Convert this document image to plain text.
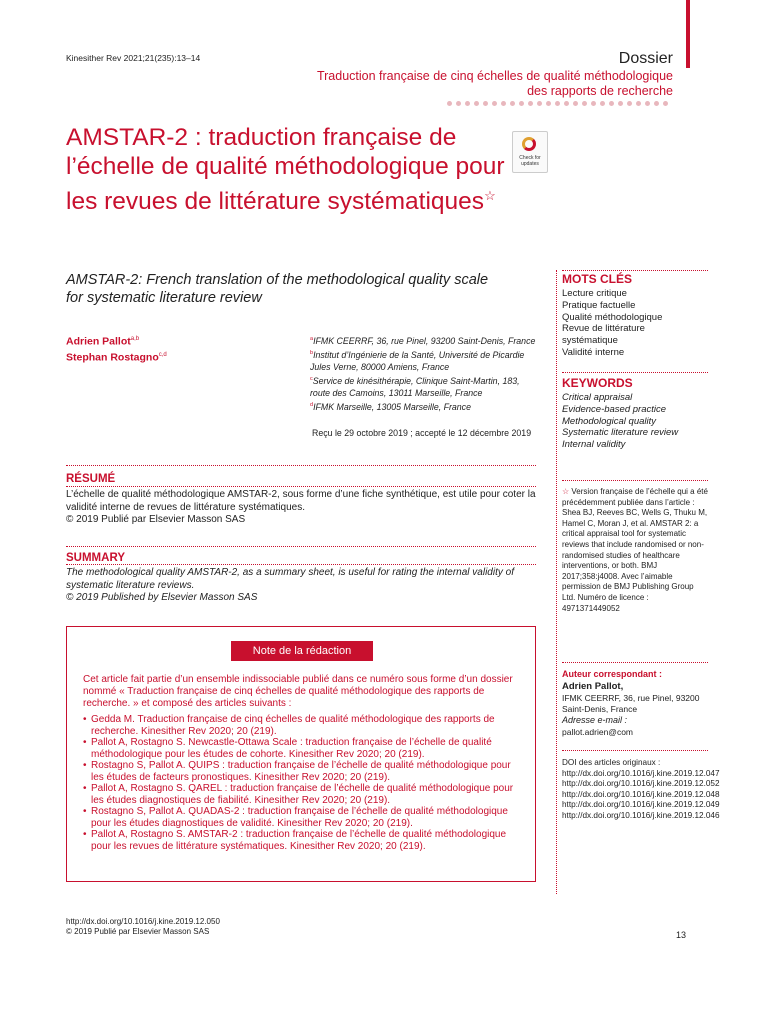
Kinesither Rev 2021;21(235):13–14	Dossier
Traduction française de cinq échelles de qualité méthodologique des rapports de recherche
AMSTAR-2 : traduction française de l’échelle de qualité méthodologique pour les revues de littérature systématiques☆
Check for updates
AMSTAR-2: French translation of the methodological quality scale for systematic literature review
Adrien Pallot$^{a,b}$
Stephan Rostagno$^{c,d}$
$^a$IFMK CEERRF, 36, rue Pinel, 93200 Saint-Denis, France
$^b$Institut d’Ingénierie de la Santé, Université de Picardie Jules Verne, 80000 Amiens, France
$^c$Service de kinésithérapie, Clinique Saint-Martin, 183, route des Camoins, 13011 Marseille, France
$^d$IFMK Marseille, 13005 Marseille, France
Reçu le 29 octobre 2019 ; accepté le 12 décembre 2019
RÉSUMÉ
L’échelle de qualité méthodologique AMSTAR-2, sous forme d’une fiche synthétique, est utile pour coter la validité interne de revues de littérature systématiques.
© 2019 Publié par Elsevier Masson SAS
SUMMARY
The methodological quality AMSTAR-2, as a summary sheet, is useful for rating the internal validity of systematic literature reviews.
© 2019 Published by Elsevier Masson SAS
Note de la rédaction
Cet article fait partie d’un ensemble indissociable publié dans ce numéro sous forme d’un dossier nommé « Traduction française de cinq échelles de qualité méthodologique des rapports de recherche. » et composé des articles suivants :
• Gedda M. Traduction française de cinq échelles de qualité méthodologique des rapports de recherche. Kinesither Rev 2020; 20 (219).
• Pallot A, Rostagno S. Newcastle-Ottawa Scale : traduction française de l’échelle de qualité méthodologique pour les études de cohorte. Kinesither Rev 2020; 20 (219).
• Rostagno S, Pallot A. QUIPS : traduction française de l’échelle de qualité méthodologique pour les études de facteurs pronostiques. Kinesither Rev 2020; 20 (219).
• Pallot A, Rostagno S. QAREL : traduction française de l’échelle de qualité méthodologique pour les études diagnostiques de fiabilité. Kinesither Rev 2020; 20 (219).
• Rostagno S, Pallot A. QUADAS-2 : traduction française de l’échelle de qualité méthodologique pour les études diagnostiques de validité. Kinesither Rev 2020; 20 (219).
• Pallot A, Rostagno S. AMSTAR-2 : traduction française de l’échelle de qualité méthodologique pour les revues de littérature systématiques. Kinesither Rev 2020; 20 (219).
MOTS CLÉS
Lecture critique
Pratique factuelle
Qualité méthodologique
Revue de littérature systématique
Validité interne
KEYWORDS
Critical appraisal
Evidence-based practice
Methodological quality
Systematic literature review
Internal validity
☆ Version française de l’échelle qui a été précédemment publiée dans l’article : Shea BJ, Reeves BC, Wells G, Thuku M, Hamel C, Moran J, et al. AMSTAR 2: a critical appraisal tool for systematic reviews that include randomised or non-randomised studies of healthcare interventions, or both. BMJ 2017;358:j4008. Avec l’aimable permission de BMJ Publishing Group Ltd. Numéro de licence : 4971371449052
Auteur correspondant :
Adrien Pallot,
IFMK CEERRF, 36, rue Pinel, 93200 Saint-Denis, France
Adresse e-mail :
pallot.adrien@com
DOI des articles originaux :
http://dx.doi.org/10.1016/j.kine.2019.12.047
http://dx.doi.org/10.1016/j.kine.2019.12.052
http://dx.doi.org/10.1016/j.kine.2019.12.048
http://dx.doi.org/10.1016/j.kine.2019.12.049
http://dx.doi.org/10.1016/j.kine.2019.12.046
http://dx.doi.org/10.1016/j.kine.2019.12.050
© 2019 Publié par Elsevier Masson SAS	13
